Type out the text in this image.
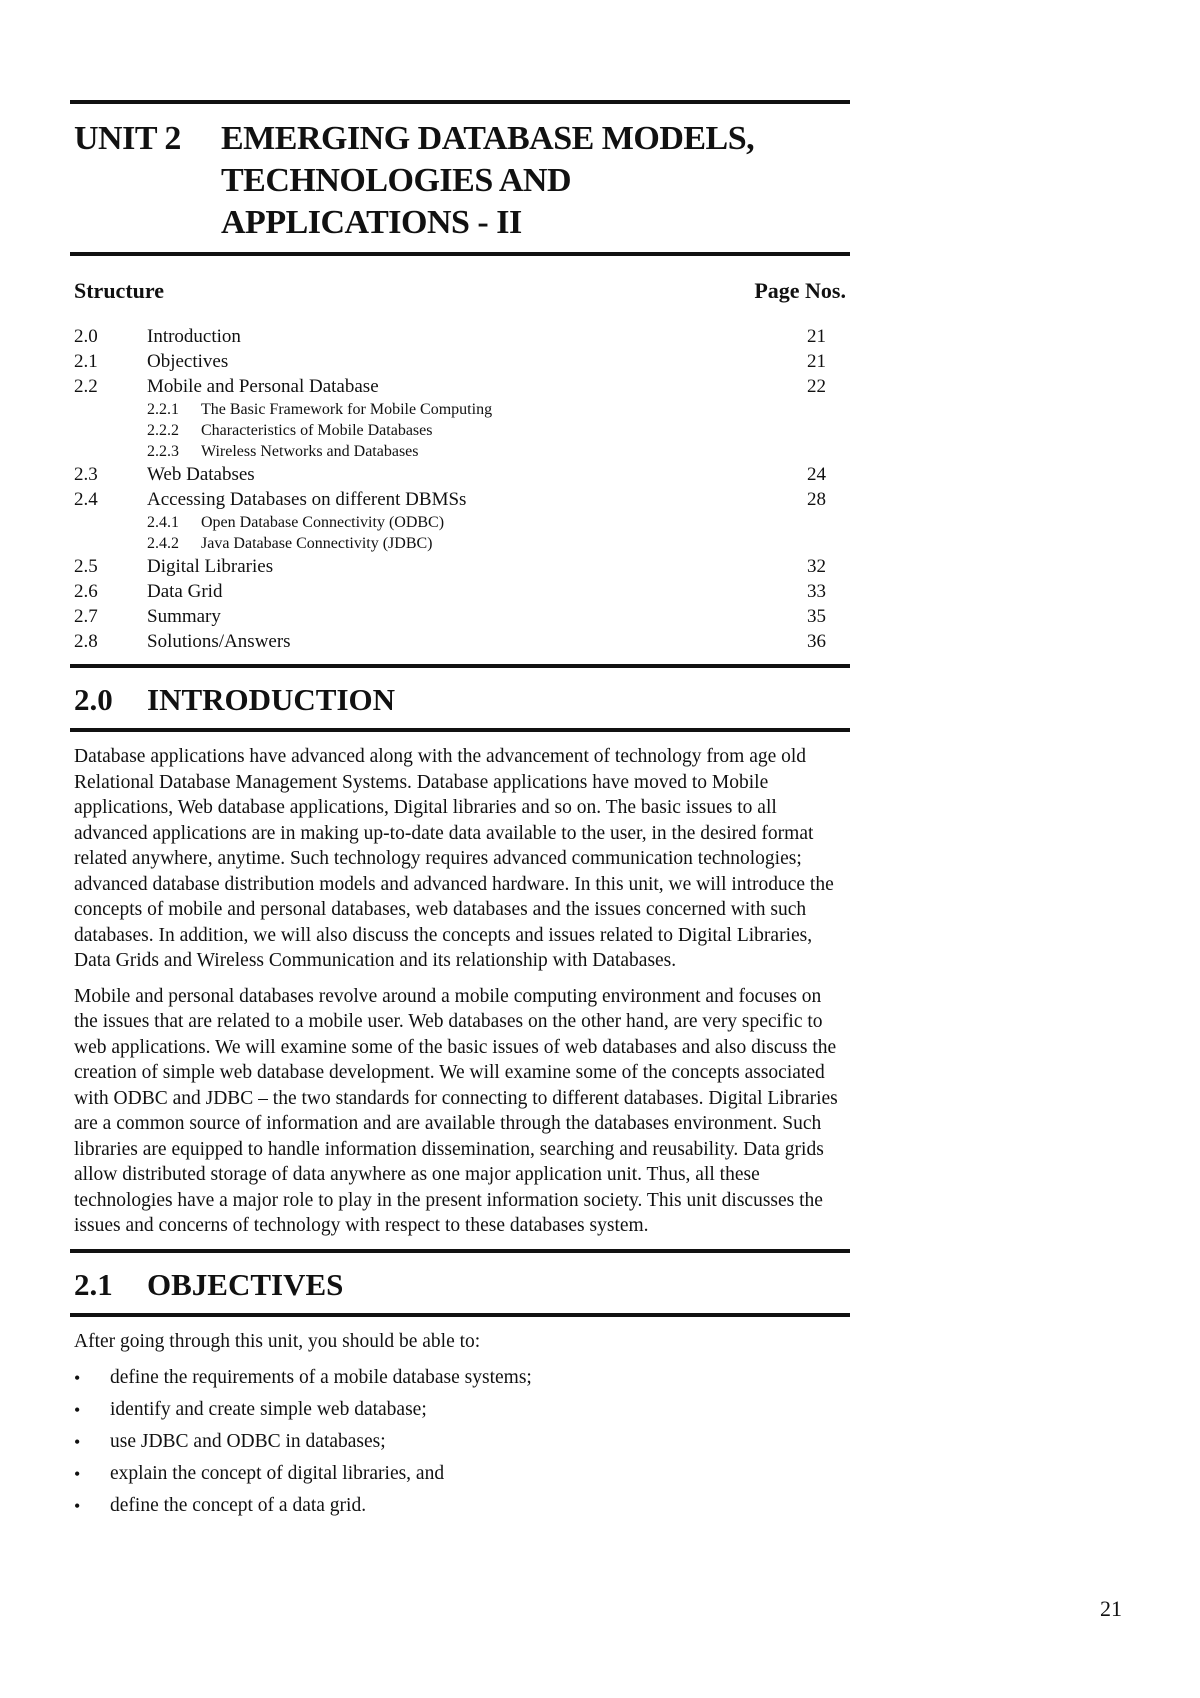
UNIT 2	EMERGING DATABASE MODELS,
TECHNOLOGIES AND
APPLICATIONS - II
Structure	Page Nos.
2.0	Introduction	21
2.1	Objectives	21
2.2	Mobile and Personal Database	22
2.2.1	The Basic Framework for Mobile Computing
2.2.2	Characteristics of Mobile Databases
2.2.3	Wireless Networks and Databases
2.3	Web Databses	24
2.4	Accessing Databases on different DBMSs	28
2.4.1	Open Database Connectivity (ODBC)
2.4.2	Java Database Connectivity (JDBC)
2.5	Digital Libraries	32
2.6	Data Grid	33
2.7	Summary	35
2.8	Solutions/Answers	36
2.0	INTRODUCTION

Database applications have advanced along with the advancement of technology from age old Relational Database Management Systems. Database applications have moved to Mobile applications, Web database applications, Digital libraries and so on. The basic issues to all advanced applications are in making up-to-date data available to the user, in the desired format related anywhere, anytime. Such technology requires advanced communication technologies; advanced database distribution models and advanced hardware. In this unit, we will introduce the concepts of mobile and personal databases, web databases and the issues concerned with such databases. In addition, we will also discuss the concepts and issues related to Digital Libraries, Data Grids and Wireless Communication and its relationship with Databases.

Mobile and personal databases revolve around a mobile computing environment and focuses on the issues that are related to a mobile user. Web databases on the other hand, are very specific to web applications. We will examine some of the basic issues of web databases and also discuss the creation of simple web database development. We will examine some of the concepts associated with ODBC and JDBC – the two standards for connecting to different databases. Digital Libraries are a common source of information and are available through the databases environment. Such libraries are equipped to handle information dissemination, searching and reusability. Data grids allow distributed storage of data anywhere as one major application unit. Thus, all these technologies have a major role to play in the present information society. This unit discusses the issues and concerns of technology with respect to these databases system.

2.1	OBJECTIVES

After going through this unit, you should be able to:

•	define the requirements of a mobile database systems;
•	identify and create simple web database;
•	use JDBC and ODBC in databases;
•	explain the concept of digital libraries, and
•	define the concept of a data grid.
21
